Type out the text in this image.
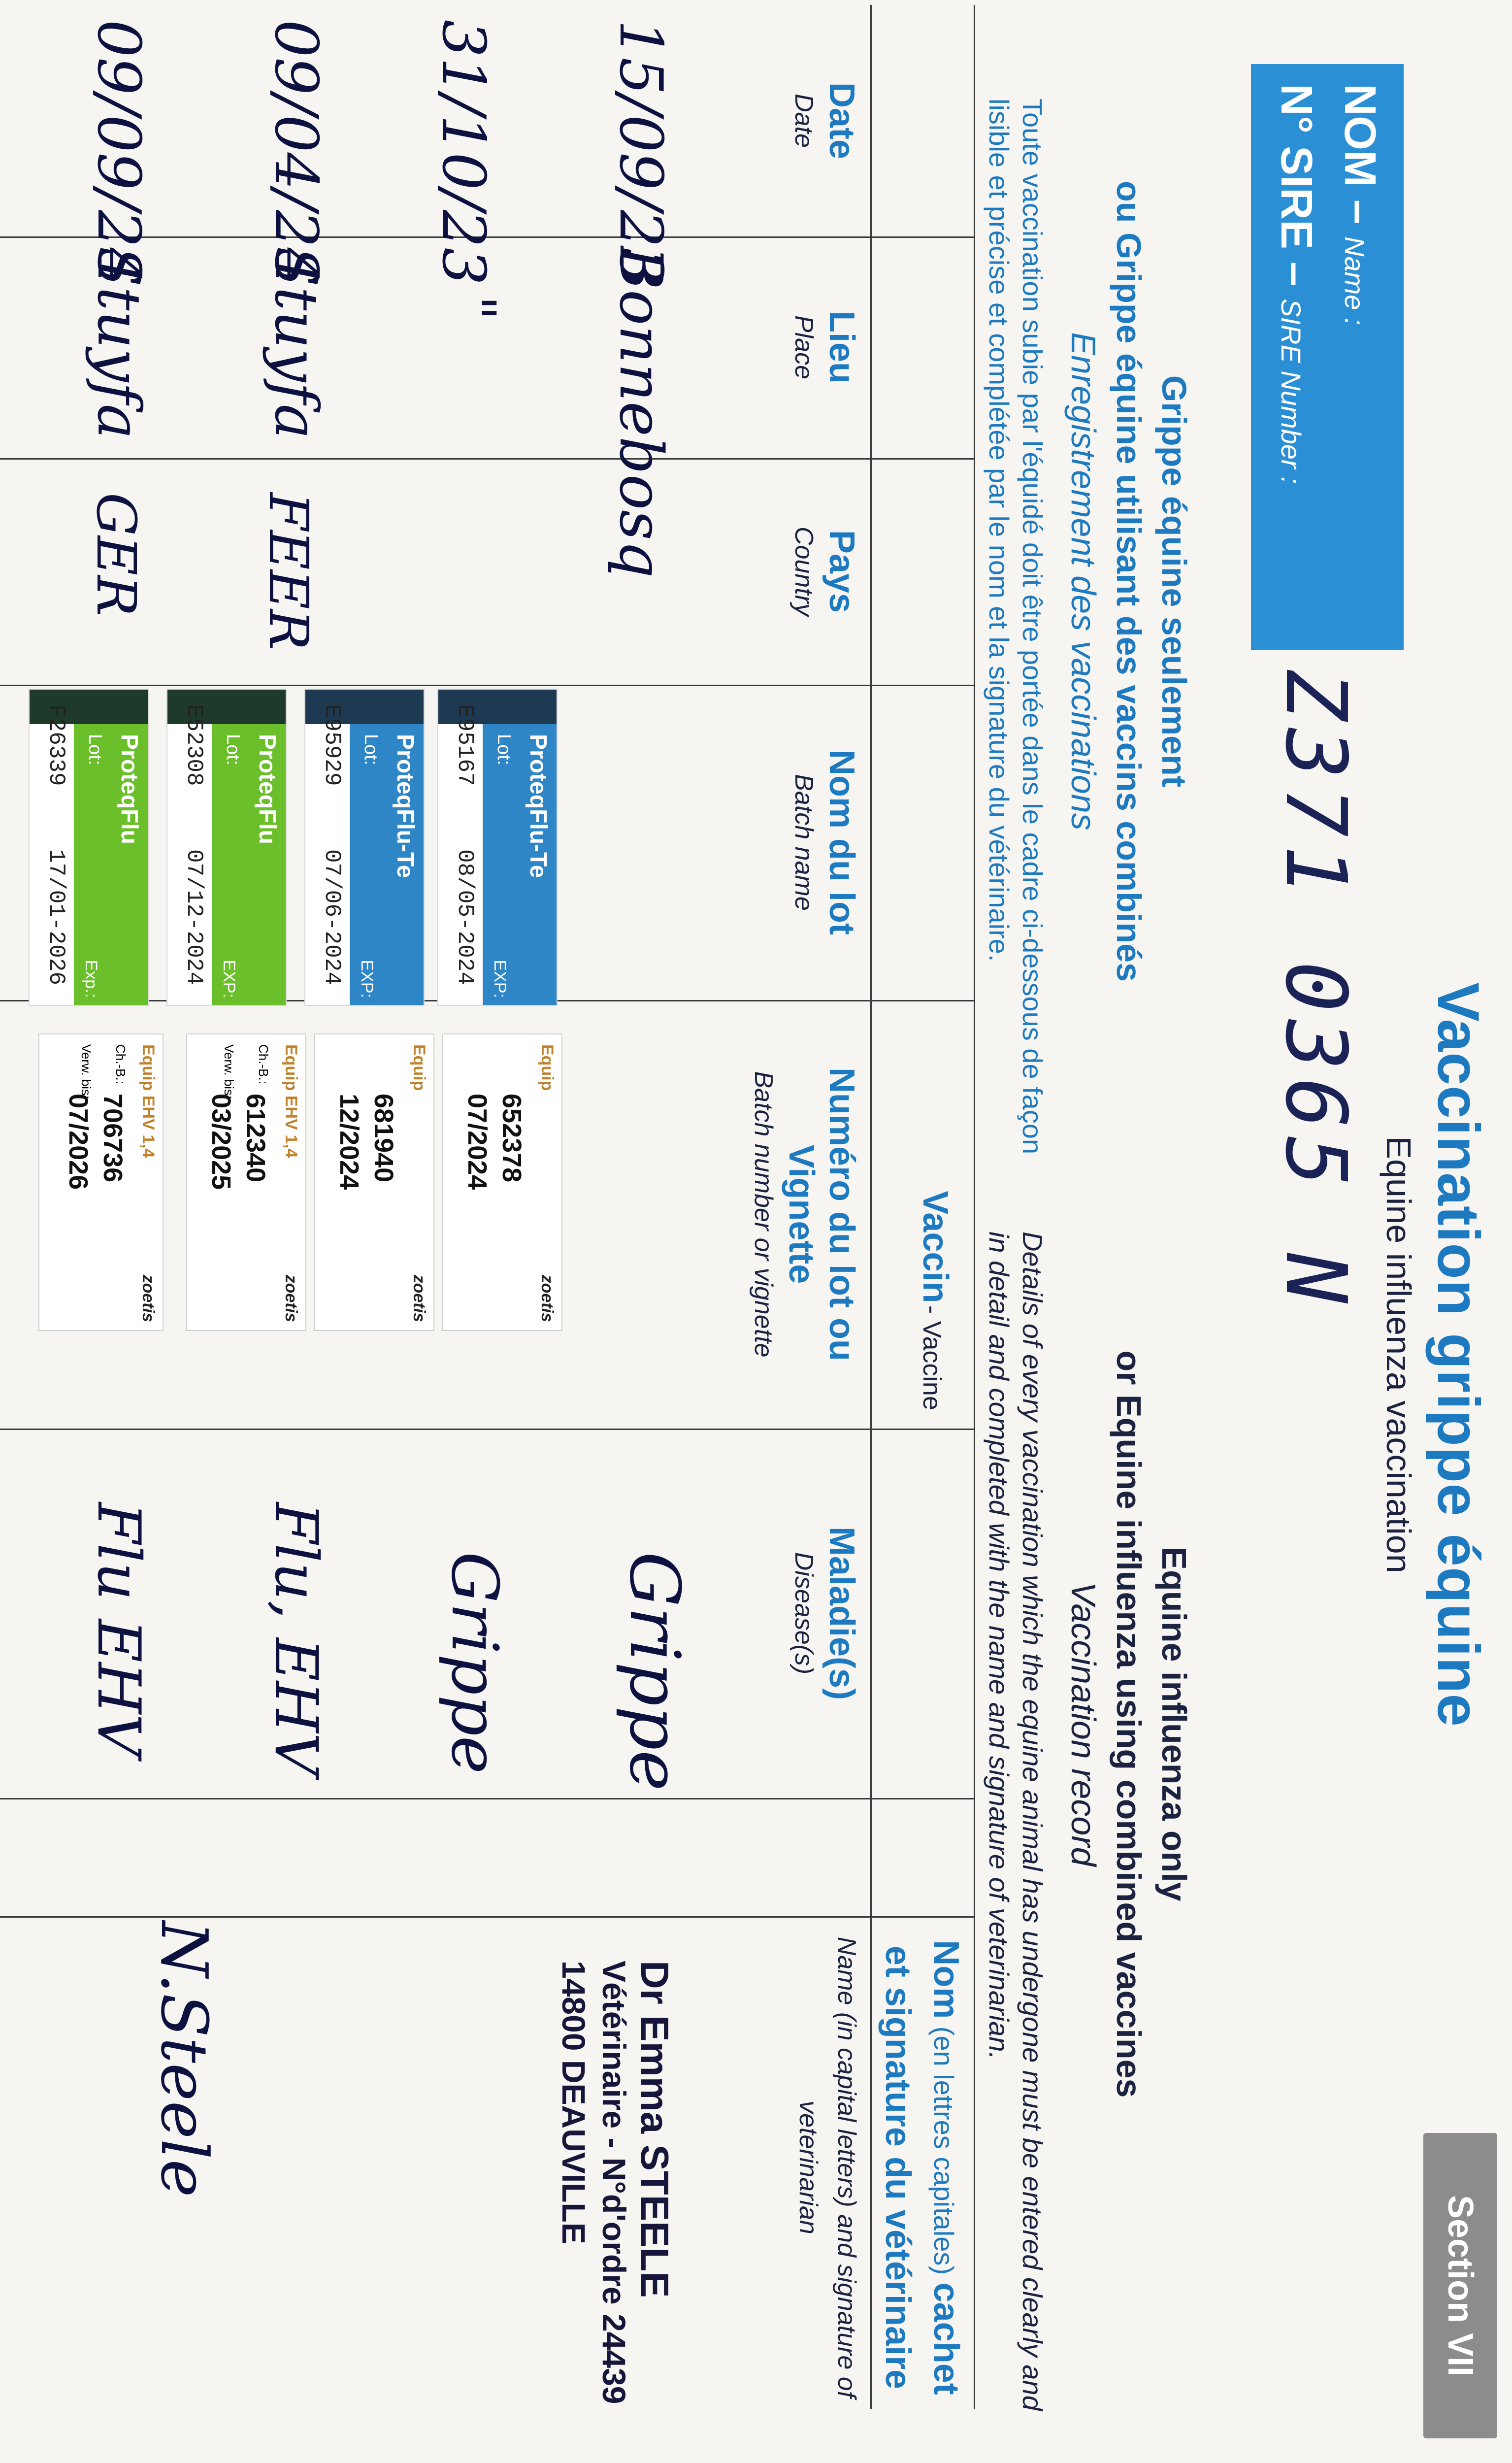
Vaccination grippe équine
Equine influenza vaccination
Section VII
NOM – Name :
N° SIRE – SIRE Number :
Z371 0365 N
Grippe équine seulement
ou Grippe équine utilisant des vaccins combinés
Enregistrement des vaccinations
Equine influenza only
or Equine influenza using combined vaccines
Vaccination record
Toute vaccination subie par l'équidé doit être portée dans le cadre ci-dessous de façon lisible et précise et complétée par le nom et la signature du vétérinaire.
Details of every vaccination which the equine animal has undergone must be entered clearly and in detail and completed with the name and signature of veterinarian.
Vaccin - Vaccine
Date
Date
Lieu
Place
Pays
Country
Nom du lot
Batch name
Numéro du lot ou Vignette
Batch number or vignette
Maladie(s)
Disease(s)
Nom (en lettres capitales) cachet et signature du vétérinaire
Name (in capital letters) and signature of veterinarian
15/09/23
Bonnebosq
ProteqFlu-Te
Lot:
EXP:
E95167
08/05-2024
Equip
zoetis
652378
07/2024
Grippe
31/10/23
"
ProteqFlu-Te
Lot:
EXP:
E95929
07/06-2024
Equip
zoetis
681940
12/2024
Grippe
09/04/24
Stuyfa
FEER
ProteqFlu
Lot:
EXP:
E52308
07/12-2024
Equip EHV 1,4
zoetis
Ch.-B.:
Verw. bis:
612340
03/2025
Flu, EHV
09/09/24
Stuyfa
GER
ProteqFlu
Lot:
Exp.:
F26339
17/01-2026
Equip EHV 1,4
zoetis
Ch.-B.:
Verw. bis:
706736
07/2026
Flu EHV
Dr Emma STEELE
Vétérinaire - N°d'ordre 24439
14800 DEAUVILLE
N.Steele
